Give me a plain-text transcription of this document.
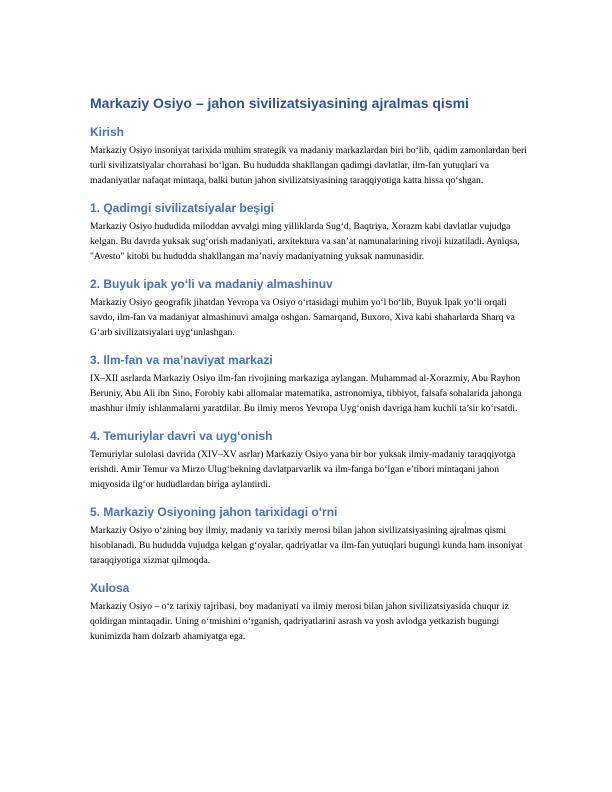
Markaziy Osiyo – jahon sivilizatsiyasining ajralmas qismi
Kirish

Markaziy Osiyo insoniyat tarixida muhim strategik va madaniy markazlardan biri bo‘lib, qadim zamonlardan beri turli sivilizatsiyalar chorrahasi bo‘lgan. Bu hududda shakllangan qadimgi davlatlar, ilm-fan yutuqlari va madaniyatlar nafaqat mintaqa, balki butun jahon sivilizatsiyasining taraqqiyotiga katta hissa qo‘shgan.

1. Qadimgi sivilizatsiyalar beşigi

Markaziy Osiyo hududida miloddan avvalgi ming yilliklarda Sug‘d, Baqtriya, Xorazm kabi davlatlar vujudga kelgan. Bu davrda yuksak sug‘orish madaniyati, arxitektura va san’at namunalarining rivoji kuzatiladi. Ayniqsa, "Avesto" kitobi bu hududda shakllangan ma’naviy madaniyatning yuksak namunasidir.

2. Buyuk ipak yo‘li va madaniy almashinuv

Markaziy Osiyo geografik jihatdan Yevropa va Osiyo o‘rtasidagi muhim yo‘l bo‘lib, Buyuk Ipak yo‘li orqali savdo, ilm-fan va madaniyat almashinuvi amalga oshgan. Samarqand, Buxoro, Xiva kabi shaharlarda Sharq va G‘arb sivilizatsiyalari uyg‘unlashgan.

3. Ilm-fan va ma’naviyat markazi

IX–XII asrlarda Markaziy Osiyo ilm-fan rivojining markaziga aylangan. Muhammad al-Xorazmiy, Abu Rayhon Beruniy, Abu Ali ibn Sino, Forobiy kabi allomalar matematika, astronomiya, tibbiyot, falsafa sohalarida jahonga mashhur ilmiy ishlanmalarni yaratdilar. Bu ilmiy meros Yevropa Uyg‘onish davriga ham kuchli ta’sir ko‘rsatdi.

4. Temuriylar davri va uyg‘onish

Temuriylar sulolasi davrida (XIV–XV asrlar) Markaziy Osiyo yana bir bor yuksak ilmiy-madaniy taraqqiyotga erishdi. Amir Temur va Mirzo Ulug‘bekning davlatparvarlik va ilm-fanga bo‘lgan e’tibori mintaqani jahon miqyosida ilg‘or hududlardan biriga aylantirdi.

5. Markaziy Osiyoning jahon tarixidagi o‘rni

Markaziy Osiyo o‘zining boy ilmiy, madaniy va tarixiy merosi bilan jahon sivilizatsiyasining ajralmas qismi hisoblanadi. Bu hududda vujudga kelgan g‘oyalar, qadriyatlar va ilm-fan yutuqlari bugungi kunda ham insoniyat taraqqiyotiga xizmat qilmoqda.

Xulosa

Markaziy Osiyo – o‘z tarixiy tajribasi, boy madaniyati va ilmiy merosi bilan jahon sivilizatsiyasida chuqur iz qoldirgan mintaqadir. Uning o‘tmishini o‘rganish, qadriyatlarini asrash va yosh avlodga yetkazish bugungi kunimizda ham dolzarb ahamiyatga ega.
